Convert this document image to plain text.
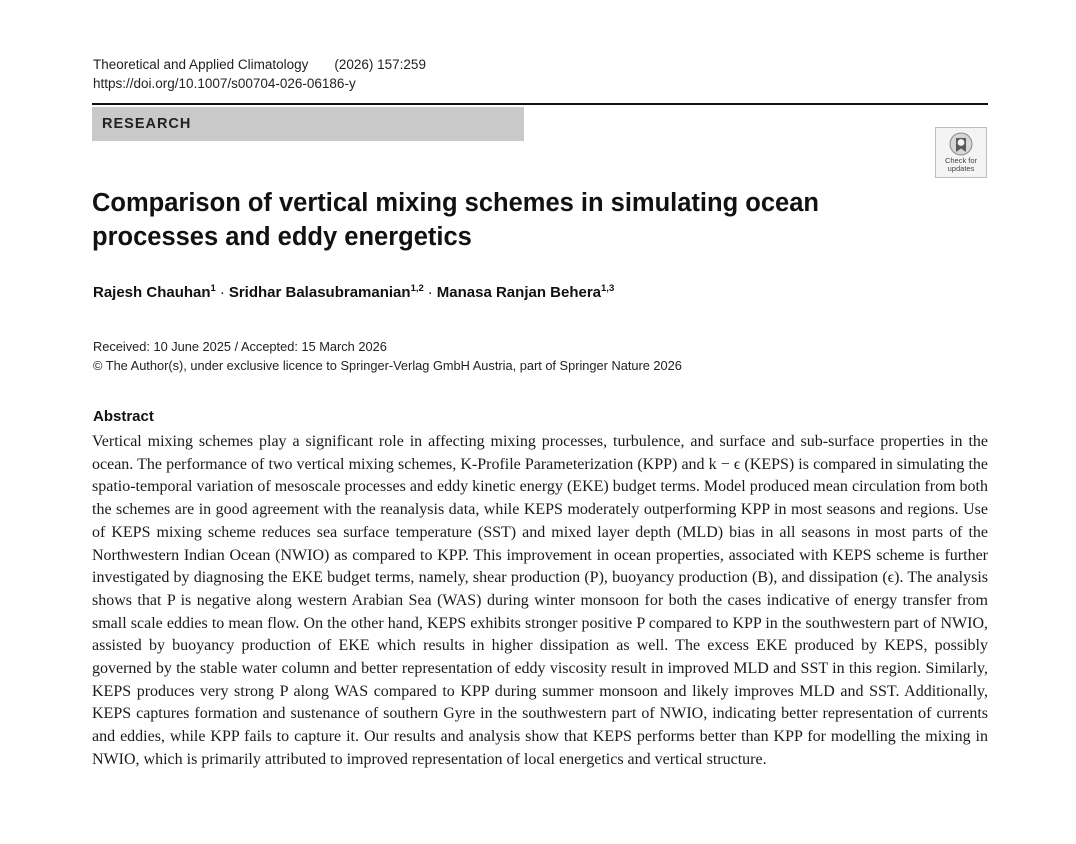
Theoretical and Applied Climatology (2026) 157:259
https://doi.org/10.1007/s00704-026-06186-y
RESEARCH
Check for updates
Comparison of vertical mixing schemes in simulating ocean processes and eddy energetics
Rajesh Chauhan$^1$ · Sridhar Balasubramanian$^{1,2}$ · Manasa Ranjan Behera$^{1,3}$
Received: 10 June 2025 / Accepted: 15 March 2026
© The Author(s), under exclusive licence to Springer-Verlag GmbH Austria, part of Springer Nature 2026
Abstract

Vertical mixing schemes play a significant role in affecting mixing processes, turbulence, and surface and sub-surface properties in the ocean. The performance of two vertical mixing schemes, K-Profile Parameterization (KPP) and k − ϵ (KEPS) is compared in simulating the spatio-temporal variation of mesoscale processes and eddy kinetic energy (EKE) budget terms. Model produced mean circulation from both the schemes are in good agreement with the reanalysis data, while KEPS moderately outperforming KPP in most seasons and regions. Use of KEPS mixing scheme reduces sea surface temperature (SST) and mixed layer depth (MLD) bias in all seasons in most parts of the Northwestern Indian Ocean (NWIO) as compared to KPP. This improvement in ocean properties, associated with KEPS scheme is further investigated by diagnosing the EKE budget terms, namely, shear production (P), buoyancy production (B), and dissipation (ϵ). The analysis shows that P is negative along western Arabian Sea (WAS) during winter monsoon for both the cases indicative of energy transfer from small scale eddies to mean flow. On the other hand, KEPS exhibits stronger positive P compared to KPP in the southwestern part of NWIO, assisted by buoyancy production of EKE which results in higher dissipation as well. The excess EKE produced by KEPS, possibly governed by the stable water column and better representation of eddy viscosity result in improved MLD and SST in this region. Similarly, KEPS produces very strong P along WAS compared to KPP during summer monsoon and likely improves MLD and SST. Additionally, KEPS captures formation and sustenance of southern Gyre in the southwestern part of NWIO, indicating better representation of currents and eddies, while KPP fails to capture it. Our results and analysis show that KEPS performs better than KPP for modelling the mixing in NWIO, which is primarily attributed to improved representation of local energetics and vertical structure.
